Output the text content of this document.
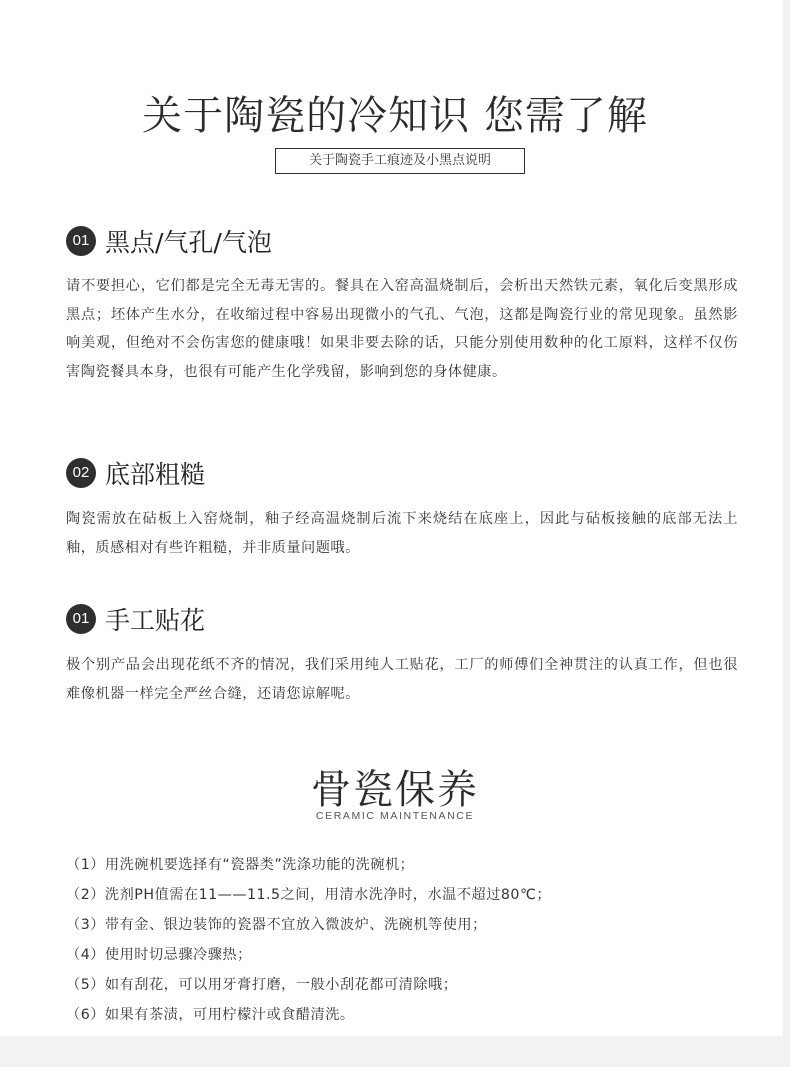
关于陶瓷的冷知识 您需了解
关于陶瓷手工痕迹及小黑点说明
01 黑点/气孔/气泡
请不要担心，它们都是完全无毒无害的。餐具在入窑高温烧制后，会析出天然铁元素，氧化后变黑形成黑点；坯体产生水分，在收缩过程中容易出现微小的气孔、气泡，这都是陶瓷行业的常见现象。虽然影响美观，但绝对不会伤害您的健康哦！如果非要去除的话，只能分别使用数种的化工原料，这样不仅伤害陶瓷餐具本身，也很有可能产生化学残留，影响到您的身体健康。
02 底部粗糙
陶瓷需放在砧板上入窑烧制，釉子经高温烧制后流下来烧结在底座上，因此与砧板接触的底部无法上釉，质感相对有些许粗糙，并非质量问题哦。
01 手工贴花
极个别产品会出现花纸不齐的情况，我们采用纯人工贴花，工厂的师傅们全神贯注的认真工作，但也很难像机器一样完全严丝合缝，还请您谅解呢。
骨瓷保养
CERAMIC MAINTENANCE
（1）用洗碗机要选择有“瓷器类”洗涤功能的洗碗机；
（2）洗剂PH值需在11——11.5之间，用清水洗净时，水温不超过80℃；
（3）带有金、银边装饰的瓷器不宜放入微波炉、洗碗机等使用；
（4）使用时切忌骤冷骤热；
（5）如有刮花，可以用牙膏打磨，一般小刮花都可清除哦；
（6）如果有茶渍，可用柠檬汁或食醋清洗。
